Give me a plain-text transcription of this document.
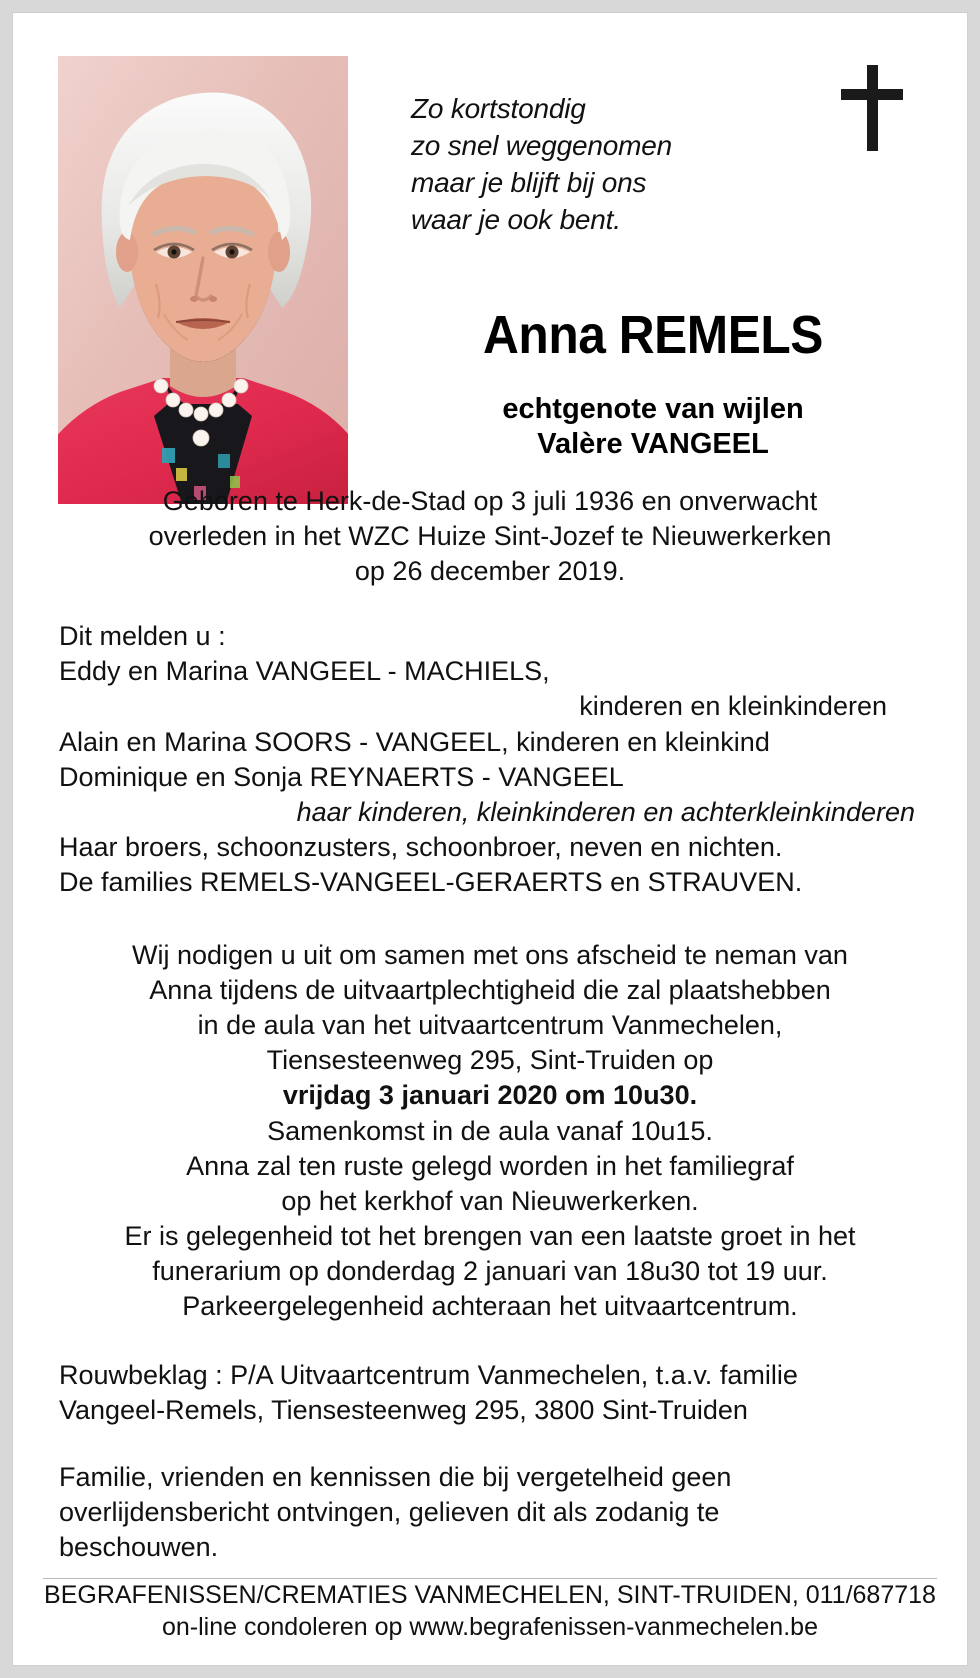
Zo kortstondig
zo snel weggenomen
maar je blijft bij ons
waar je ook bent.
Anna REMELS
echtgenote van wijlen
Valère VANGEEL
Geboren te Herk-de-Stad op 3 juli 1936 en onverwacht
overleden in het WZC Huize Sint-Jozef te Nieuwerkerken
op 26 december 2019.
Dit melden u :
Eddy en Marina VANGEEL - MACHIELS,
kinderen en kleinkinderen
Alain en Marina SOORS - VANGEEL, kinderen en kleinkind
Dominique en Sonja REYNAERTS - VANGEEL
haar kinderen, kleinkinderen en achterkleinkinderen
Haar broers, schoonzusters, schoonbroer, neven en nichten.
De families REMELS-VANGEEL-GERAERTS en STRAUVEN.
Wij nodigen u uit om samen met ons afscheid te neman van
Anna tijdens de uitvaartplechtigheid die zal plaatshebben
in de aula van het uitvaartcentrum Vanmechelen,
Tiensesteenweg 295, Sint-Truiden op
vrijdag 3 januari 2020 om 10u30.
Samenkomst in de aula vanaf 10u15.
Anna zal ten ruste gelegd worden in het familiegraf
op het kerkhof van Nieuwerkerken.
Er is gelegenheid tot het brengen van een laatste groet in het
funerarium op donderdag 2 januari van 18u30 tot 19 uur.
Parkeergelegenheid achteraan het uitvaartcentrum.
Rouwbeklag : P/A Uitvaartcentrum Vanmechelen, t.a.v. familie
Vangeel-Remels, Tiensesteenweg 295, 3800 Sint-Truiden
Familie, vrienden en kennissen die bij vergetelheid geen
overlijdensbericht ontvingen, gelieven dit als zodanig te
beschouwen.
BEGRAFENISSEN/CREMATIES VANMECHELEN, SINT-TRUIDEN, 011/687718
on-line condoleren op www.begrafenissen-vanmechelen.be
